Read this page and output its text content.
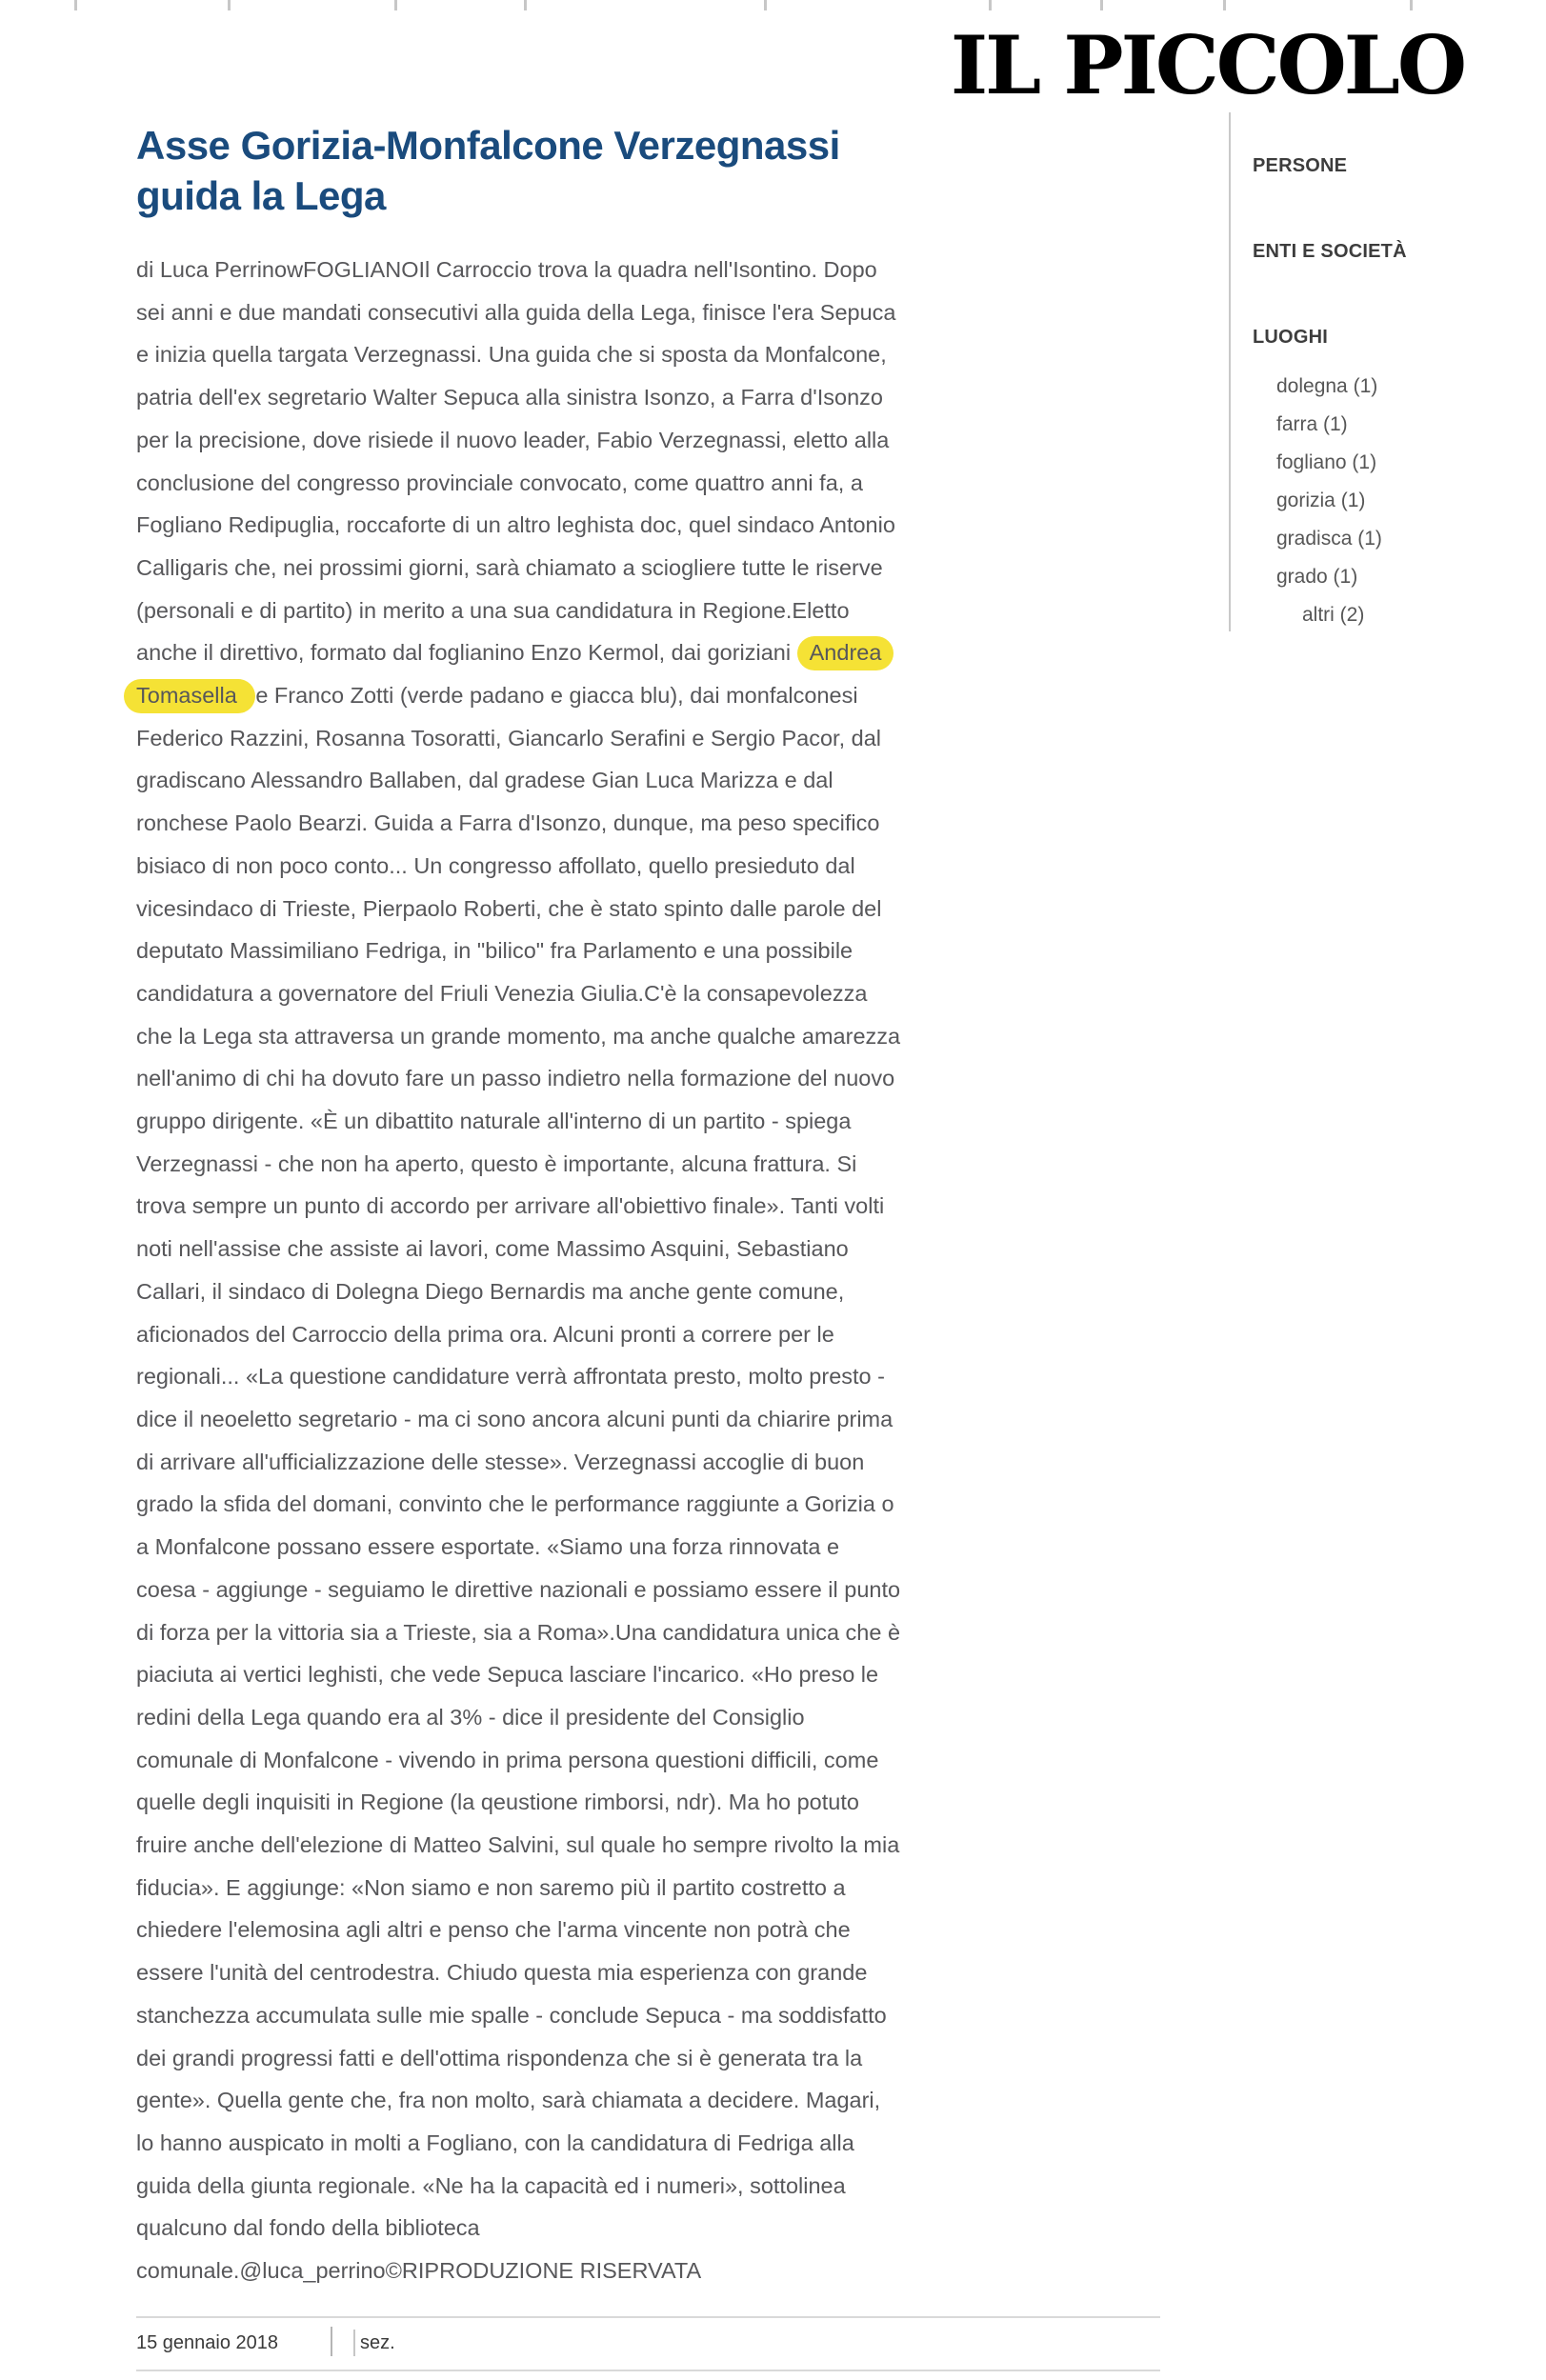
IL PICCOLO
Asse Gorizia-Monfalcone Verzegnassi
guida la Lega
di Luca PerrinowFOGLIANOIl Carroccio trova la quadra nell'Isontino. Dopo
sei anni e due mandati consecutivi alla guida della Lega, finisce l'era Sepuca
e inizia quella targata Verzegnassi. Una guida che si sposta da Monfalcone,
patria dell'ex segretario Walter Sepuca alla sinistra Isonzo, a Farra d'Isonzo
per la precisione, dove risiede il nuovo leader, Fabio Verzegnassi, eletto alla
conclusione del congresso provinciale convocato, come quattro anni fa, a
Fogliano Redipuglia, roccaforte di un altro leghista doc, quel sindaco Antonio
Calligaris che, nei prossimi giorni, sarà chiamato a sciogliere tutte le riserve
(personali e di partito) in merito a una sua candidatura in Regione.Eletto
anche il direttivo, formato dal foglianino Enzo Kermol, dai goriziani Andrea
Tomasella e Franco Zotti (verde padano e giacca blu), dai monfalconesi
Federico Razzini, Rosanna Tosoratti, Giancarlo Serafini e Sergio Pacor, dal
gradiscano Alessandro Ballaben, dal gradese Gian Luca Marizza e dal
ronchese Paolo Bearzi. Guida a Farra d'Isonzo, dunque, ma peso specifico
bisiaco di non poco conto... Un congresso affollato, quello presieduto dal
vicesindaco di Trieste, Pierpaolo Roberti, che è stato spinto dalle parole del
deputato Massimiliano Fedriga, in "bilico" fra Parlamento e una possibile
candidatura a governatore del Friuli Venezia Giulia.C'è la consapevolezza
che la Lega sta attraversa un grande momento, ma anche qualche amarezza
nell'animo di chi ha dovuto fare un passo indietro nella formazione del nuovo
gruppo dirigente. «È un dibattito naturale all'interno di un partito - spiega
Verzegnassi - che non ha aperto, questo è importante, alcuna frattura. Si
trova sempre un punto di accordo per arrivare all'obiettivo finale». Tanti volti
noti nell'assise che assiste ai lavori, come Massimo Asquini, Sebastiano
Callari, il sindaco di Dolegna Diego Bernardis ma anche gente comune,
aficionados del Carroccio della prima ora. Alcuni pronti a correre per le
regionali... «La questione candidature verrà affrontata presto, molto presto -
dice il neoeletto segretario - ma ci sono ancora alcuni punti da chiarire prima
di arrivare all'ufficializzazione delle stesse». Verzegnassi accoglie di buon
grado la sfida del domani, convinto che le performance raggiunte a Gorizia o
a Monfalcone possano essere esportate. «Siamo una forza rinnovata e
coesa - aggiunge - seguiamo le direttive nazionali e possiamo essere il punto
di forza per la vittoria sia a Trieste, sia a Roma».Una candidatura unica che è
piaciuta ai vertici leghisti, che vede Sepuca lasciare l'incarico. «Ho preso le
redini della Lega quando era al 3% - dice il presidente del Consiglio
comunale di Monfalcone - vivendo in prima persona questioni difficili, come
quelle degli inquisiti in Regione (la qeustione rimborsi, ndr). Ma ho potuto
fruire anche dell'elezione di Matteo Salvini, sul quale ho sempre rivolto la mia
fiducia». E aggiunge: «Non siamo e non saremo più il partito costretto a
chiedere l'elemosina agli altri e penso che l'arma vincente non potrà che
essere l'unità del centrodestra. Chiudo questa mia esperienza con grande
stanchezza accumulata sulle mie spalle - conclude Sepuca - ma soddisfatto
dei grandi progressi fatti e dell'ottima rispondenza che si è generata tra la
gente». Quella gente che, fra non molto, sarà chiamata a decidere. Magari,
lo hanno auspicato in molti a Fogliano, con la candidatura di Fedriga alla
guida della giunta regionale. «Ne ha la capacità ed i numeri», sottolinea
qualcuno dal fondo della biblioteca
comunale.@luca_perrino©RIPRODUZIONE RISERVATA
PERSONE
ENTI E SOCIETÀ
LUOGHI
dolegna (1)
farra (1)
fogliano (1)
gorizia (1)
gradisca (1)
grado (1)
altri (2)
15 gennaio 2018	sez.
